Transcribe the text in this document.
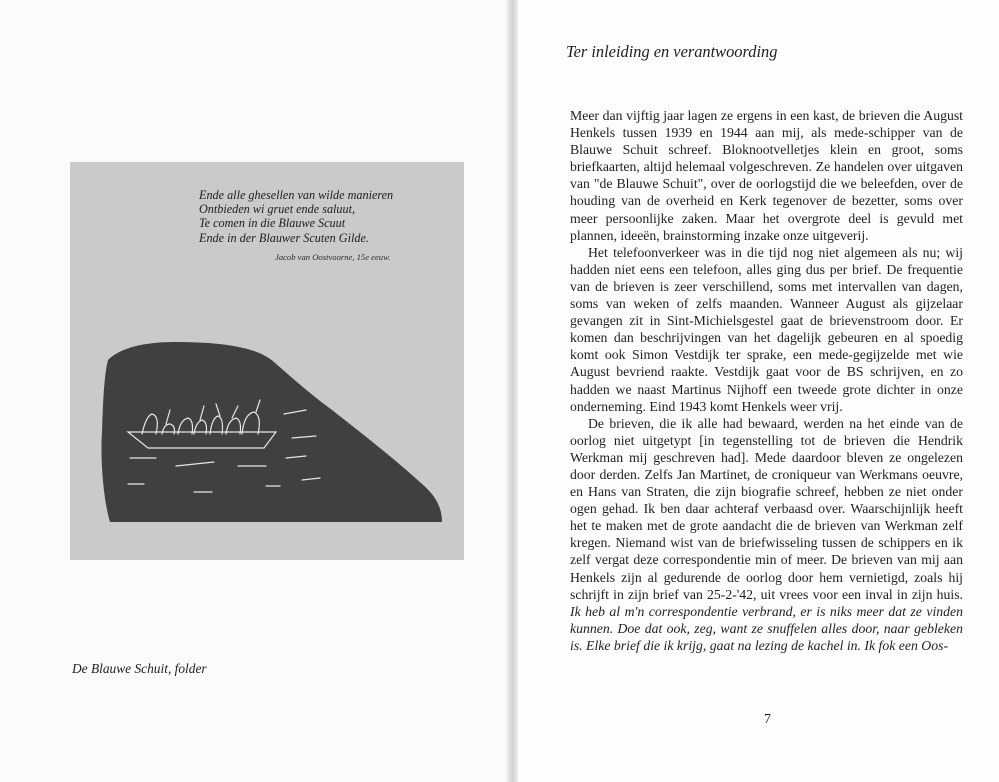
Ende alle ghesellen van wilde manieren
Ontbieden wi gruet ende saluut,
Te comen in die Blauwe Scuut
Ende in der Blauwer Scuten Gilde.
Jacob van Oostvoorne, 15e eeuw.
De Blauwe Schuit, folder
Ter inleiding en verantwoording

Meer dan vijftig jaar lagen ze ergens in een kast, de brieven die August Henkels tussen 1939 en 1944 aan mij, als mede-schipper van de Blauwe Schuit schreef. Bloknootvelletjes klein en groot, soms briefkaarten, altijd helemaal volgeschreven. Ze handelen over uitgaven van "de Blauwe Schuit", over de oorlogstijd die we beleefden, over de houding van de overheid en Kerk tegenover de bezetter, soms over meer persoonlijke zaken. Maar het overgrote deel is gevuld met plannen, ideeën, brainstorming inzake onze uitgeverij.

Het telefoonverkeer was in die tijd nog niet algemeen als nu; wij hadden niet eens een telefoon, alles ging dus per brief. De frequentie van de brieven is zeer verschillend, soms met intervallen van dagen, soms van weken of zelfs maanden. Wanneer August als gijzelaar gevangen zit in Sint-Michielsgestel gaat de brievenstroom door. Er komen dan beschrijvingen van het dagelijk gebeuren en al spoedig komt ook Simon Vestdijk ter sprake, een mede-gegijzelde met wie August bevriend raakte. Vestdijk gaat voor de BS schrijven, en zo hadden we naast Martinus Nijhoff een tweede grote dichter in onze onderneming. Eind 1943 komt Henkels weer vrij.

De brieven, die ik alle had bewaard, werden na het einde van de oorlog niet uitgetypt [in tegenstelling tot de brieven die Hendrik Werkman mij geschreven had]. Mede daardoor bleven ze ongelezen door derden. Zelfs Jan Martinet, de croniqueur van Werkmans oeuvre, en Hans van Straten, die zijn biografie schreef, hebben ze niet onder ogen gehad. Ik ben daar achteraf verbaasd over. Waarschijnlijk heeft het te maken met de grote aandacht die de brieven van Werkman zelf kregen. Niemand wist van de briefwisseling tussen de schippers en ik zelf vergat deze correspondentie min of meer. De brieven van mij aan Henkels zijn al gedurende de oorlog door hem vernietigd, zoals hij schrijft in zijn brief van 25-2-'42, uit vrees voor een inval in zijn huis. Ik heb al m'n correspondentie verbrand, er is niks meer dat ze vinden kunnen. Doe dat ook, zeg, want ze snuffelen alles door, naar gebleken is. Elke brief die ik krijg, gaat na lezing de kachel in. Ik fok een Oos-

7
